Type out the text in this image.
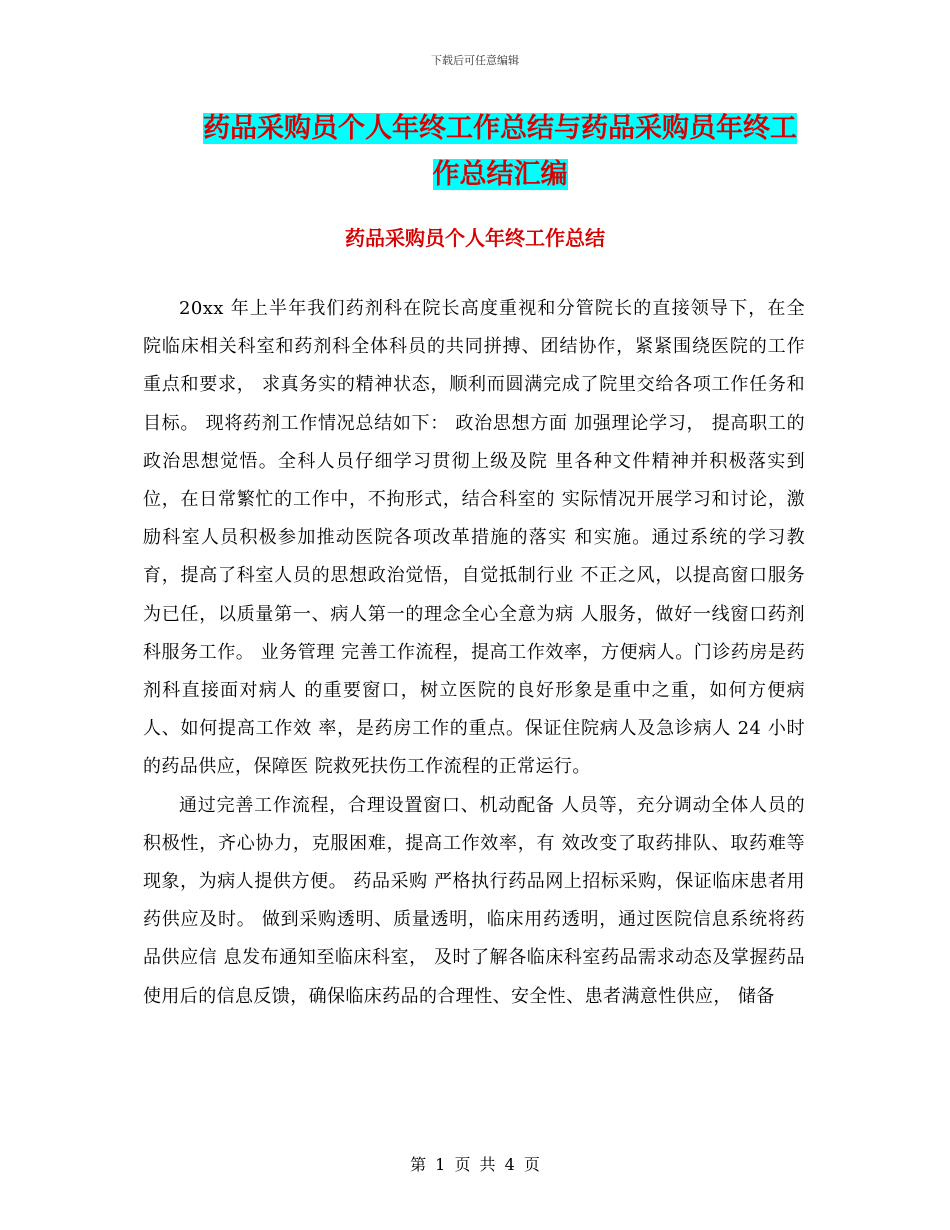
下载后可任意编辑
药品采购员个人年终工作总结与药品采购员年终工作总结汇编
药品采购员个人年终工作总结

20xx 年上半年我们药剂科在院长高度重视和分管院长的直接领导下，在全 院临床相关科室和药剂科全体科员的共同拼搏、团结协作，紧紧围绕医院的工作 重点和要求， 求真务实的精神状态，顺利而圆满完成了院里交给各项工作任务和 目标。 现将药剂工作情况总结如下： 政治思想方面 加强理论学习， 提高职工的政治思想觉悟。全科人员仔细学习贯彻上级及院 里各种文件精神并积极落实到位，在日常繁忙的工作中，不拘形式，结合科室的 实际情况开展学习和讨论，激励科室人员积极参加推动医院各项改革措施的落实 和实施。通过系统的学习教育，提高了科室人员的思想政治觉悟，自觉抵制行业 不正之风，以提高窗口服务为已任，以质量第一、病人第一的理念全心全意为病 人服务，做好一线窗口药剂科服务工作。 业务管理 完善工作流程，提高工作效率，方便病人。门诊药房是药剂科直接面对病人 的重要窗口，树立医院的良好形象是重中之重，如何方便病人、如何提高工作效 率，是药房工作的重点。保证住院病人及急诊病人 24 小时的药品供应，保障医 院救死扶伤工作流程的正常运行。

通过完善工作流程，合理设置窗口、机动配备 人员等，充分调动全体人员的积极性，齐心协力，克服困难，提高工作效率，有 效改变了取药排队、取药难等现象，为病人提供方便。 药品采购 严格执行药品网上招标采购，保证临床患者用药供应及时。 做到采购透明、质量透明，临床用药透明，通过医院信息系统将药品供应信 息发布通知至临床科室， 及时了解各临床科室药品需求动态及掌握药品使用后的信息反馈，确保临床药品的合理性、安全性、患者满意性供应， 储备

第 1 页 共 4 页
